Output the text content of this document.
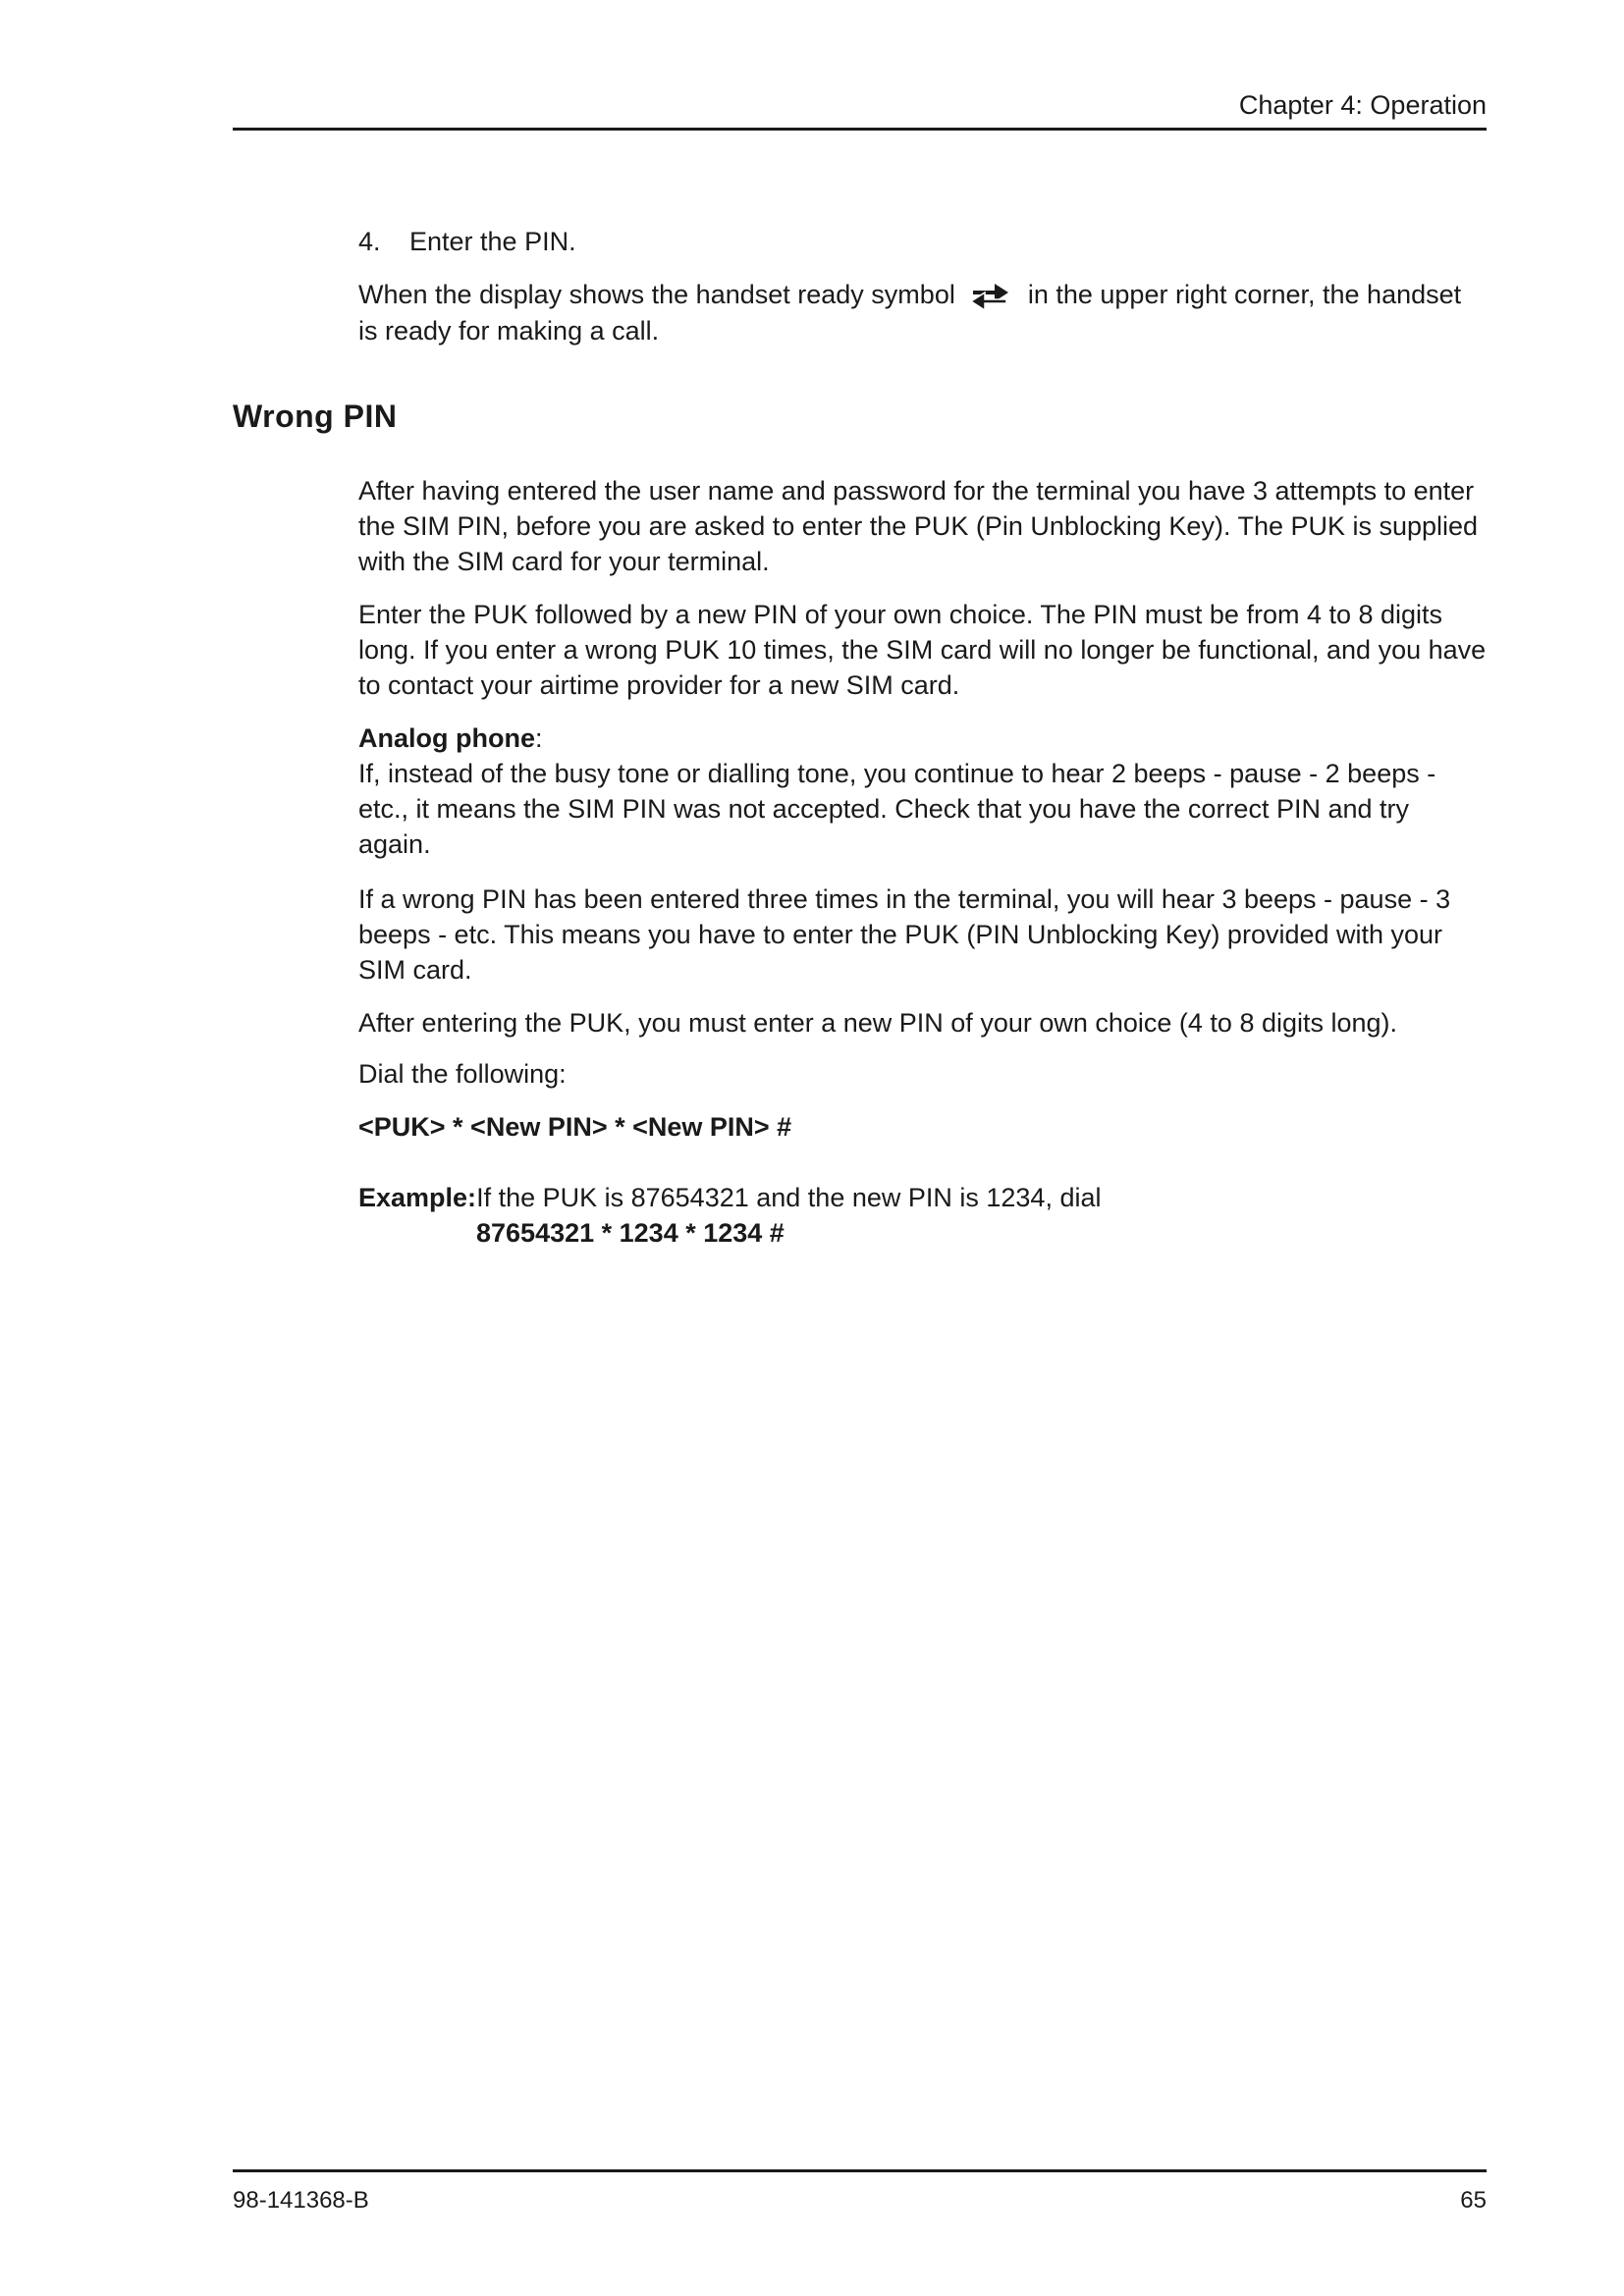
Chapter 4: Operation

4. Enter the PIN.

When the display shows the handset ready symbol	in the upper right corner, the handset is ready for making a call.

Wrong PIN

After having entered the user name and password for the terminal you have 3 attempts to enter the SIM PIN, before you are asked to enter the PUK (Pin Unblocking Key). The PUK is supplied with the SIM card for your terminal.

Enter the PUK followed by a new PIN of your own choice. The PIN must be from 4 to 8 digits long. If you enter a wrong PUK 10 times, the SIM card will no longer be functional, and you have to contact your airtime provider for a new SIM card.

Analog phone:
If, instead of the busy tone or dialling tone, you continue to hear 2 beeps - pause - 2 beeps - etc., it means the SIM PIN was not accepted. Check that you have the correct PIN and try again.

If a wrong PIN has been entered three times in the terminal, you will hear 3 beeps - pause - 3 beeps - etc. This means you have to enter the PUK (PIN Unblocking Key) provided with your SIM card.

After entering the PUK, you must enter a new PIN of your own choice (4 to 8 digits long).

Dial the following:

<PUK> * <New PIN> * <New PIN> #

Example:If the PUK is 87654321 and the new PIN is 1234, dial

87654321 * 1234 * 1234 #
98-141368-B	65
